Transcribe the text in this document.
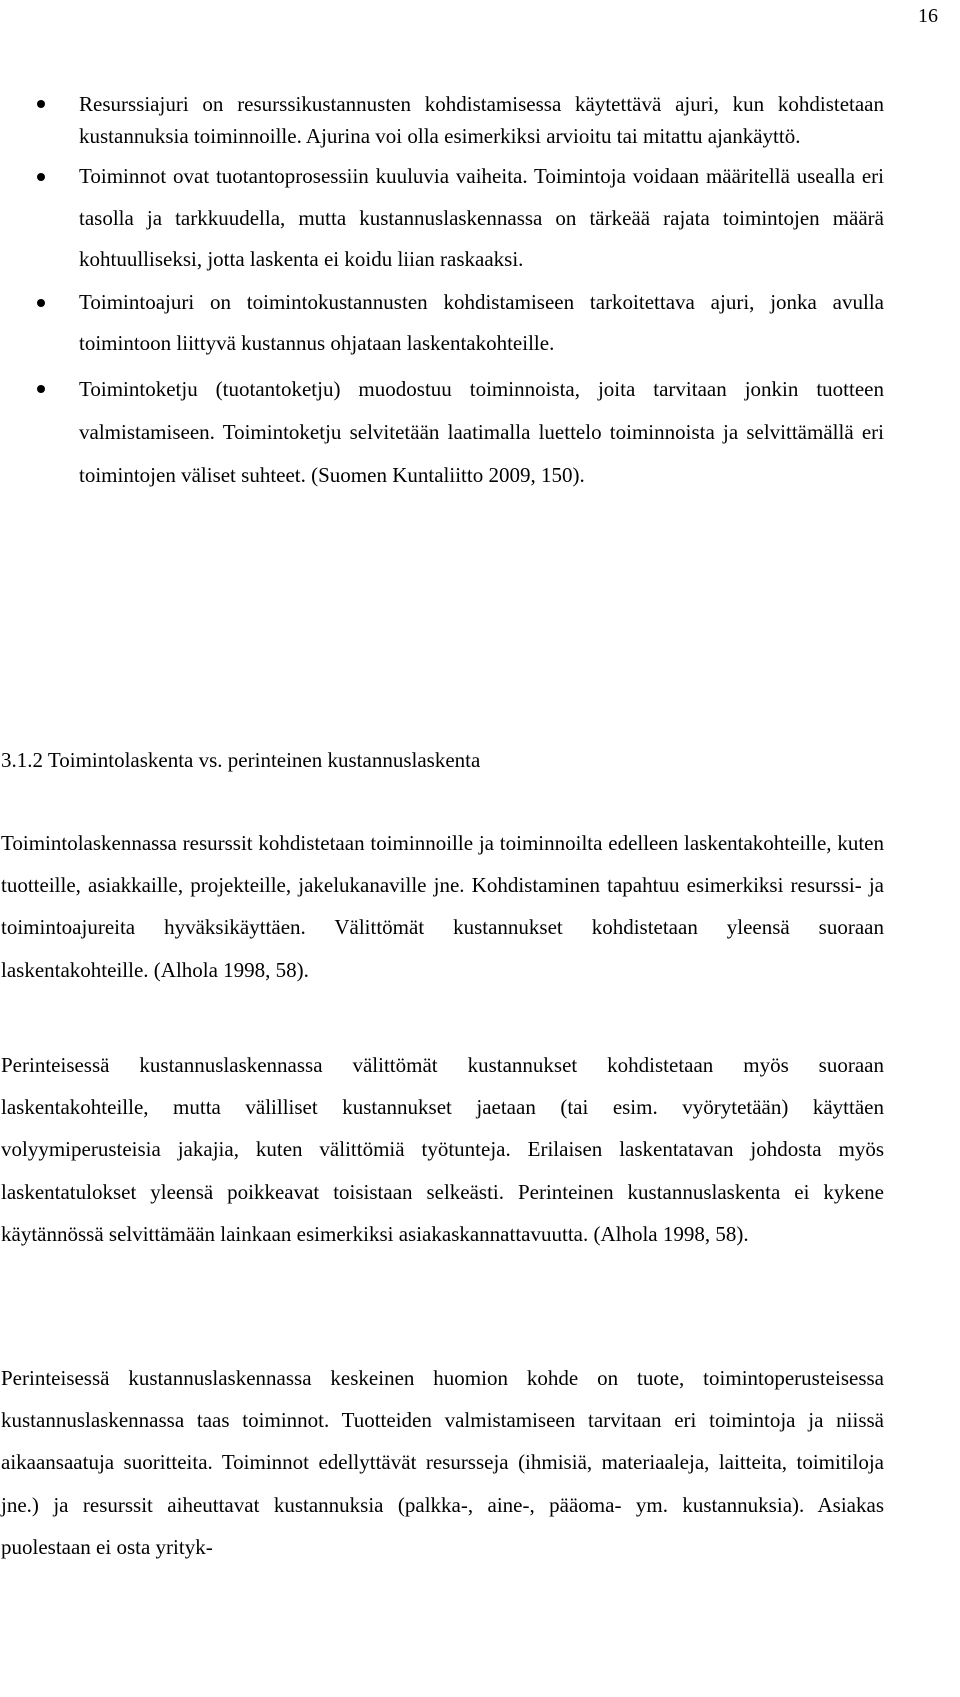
16
Resurssiajuri on resurssikustannusten kohdistamisessa käytettävä ajuri, kun kohdistetaan kustannuksia toiminnoille. Ajurina voi olla esimerkiksi arvioitu tai mitattu ajankäyttö.
Toiminnot ovat tuotantoprosessiin kuuluvia vaiheita. Toimintoja voidaan määritellä usealla eri tasolla ja tarkkuudella, mutta kustannuslaskennassa on tärkeää rajata toimintojen määrä kohtuulliseksi, jotta laskenta ei koidu liian raskaaksi.
Toimintoajuri on toimintokustannusten kohdistamiseen tarkoitettava ajuri, jonka avulla toimintoon liittyvä kustannus ohjataan laskentakohteille.
Toimintoketju (tuotantoketju) muodostuu toiminnoista, joita tarvitaan jonkin tuotteen valmistamiseen. Toimintoketju selvitetään laatimalla luettelo toiminnoista ja selvittämällä eri toimintojen väliset suhteet. (Suomen Kuntaliitto 2009, 150).
3.1.2 Toimintolaskenta vs. perinteinen kustannuslaskenta

Toimintolaskennassa resurssit kohdistetaan toiminnoille ja toiminnoilta edelleen laskentakohteille, kuten tuotteille, asiakkaille, projekteille, jakelukanaville jne. Kohdistaminen tapahtuu esimerkiksi resurssi- ja toimintoajureita hyväksikäyttäen. Välittömät kustannukset kohdistetaan yleensä suoraan laskentakohteille. (Alhola 1998, 58).

Perinteisessä kustannuslaskennassa välittömät kustannukset kohdistetaan myös suoraan laskentakohteille, mutta välilliset kustannukset jaetaan (tai esim. vyörytetään) käyttäen volyymiperusteisia jakajia, kuten välittömiä työtunteja. Erilaisen laskentatavan johdosta myös laskentatulokset yleensä poikkeavat toisistaan selkeästi. Perinteinen kustannuslaskenta ei kykene käytännössä selvittämään lainkaan esimerkiksi asiakaskannattavuutta. (Alhola 1998, 58).

Perinteisessä kustannuslaskennassa keskeinen huomion kohde on tuote, toimintoperusteisessa kustannuslaskennassa taas toiminnot. Tuotteiden valmistamiseen tarvitaan eri toimintoja ja niissä aikaansaatuja suoritteita. Toiminnot edellyttävät resursseja (ihmisiä, materiaaleja, laitteita, toimitiloja jne.) ja resurssit aiheuttavat kustannuksia (palkka-, aine-, pääoma- ym. kustannuksia). Asiakas puolestaan ei osta yrityk-
